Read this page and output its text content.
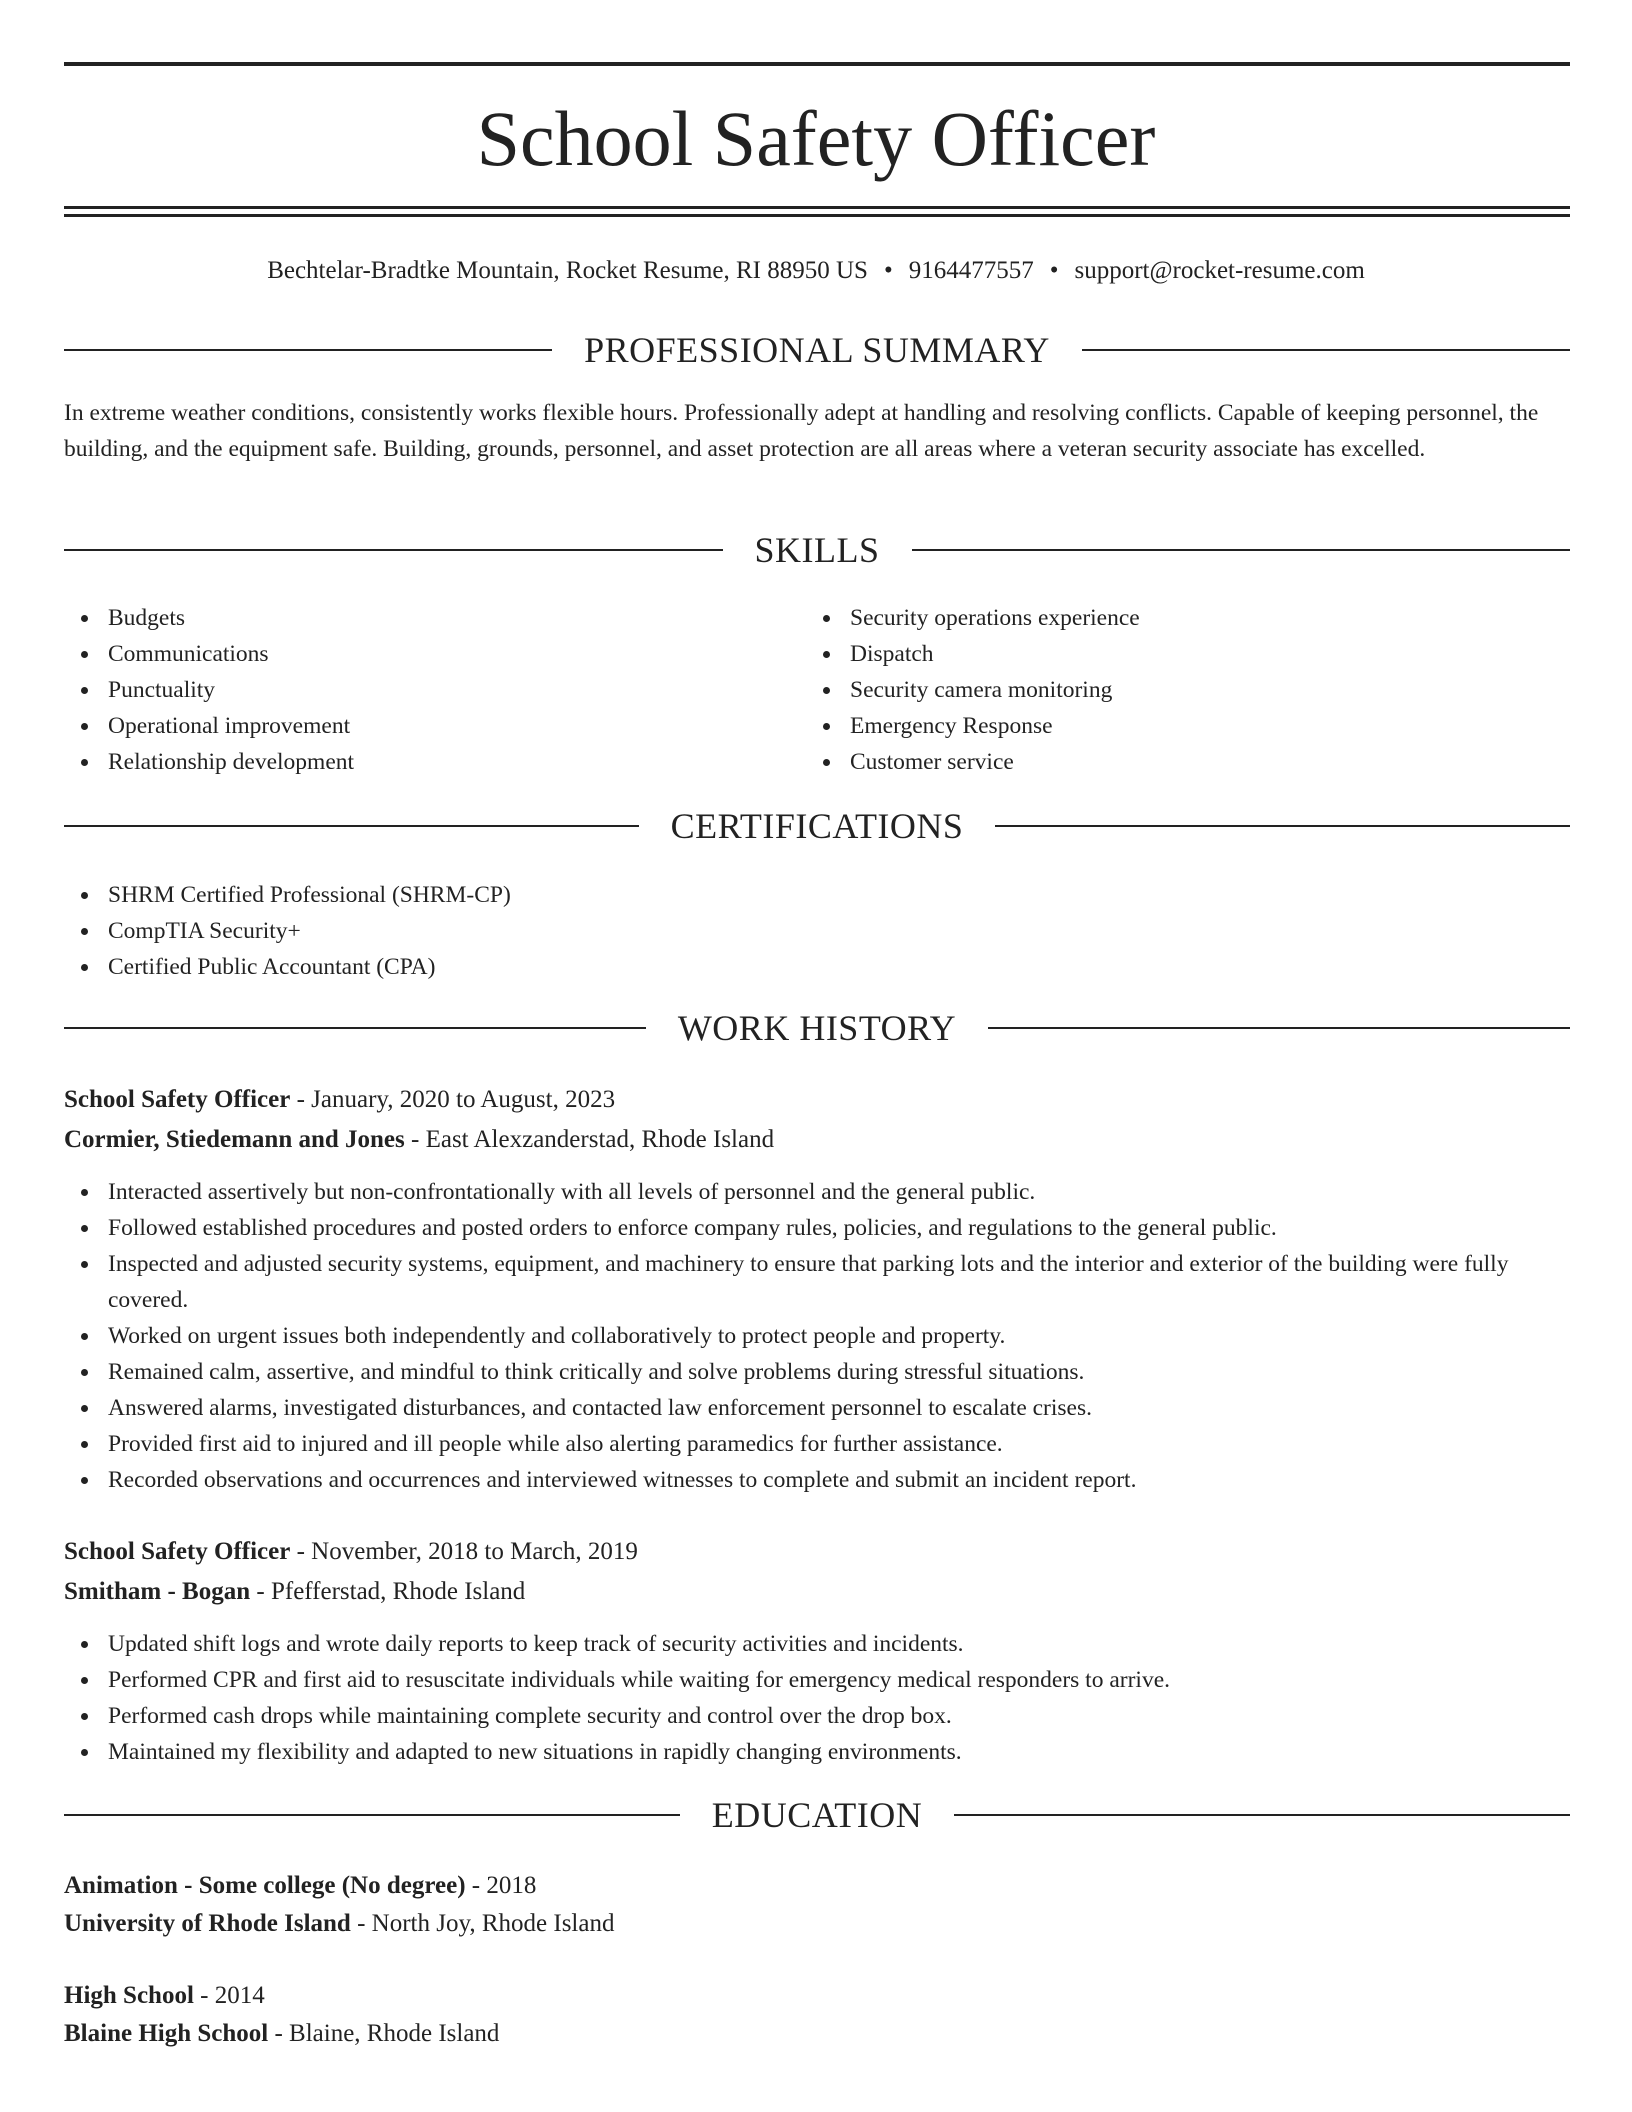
School Safety Officer
Bechtelar-Bradtke Mountain, Rocket Resume, RI 88950 US • 9164477557 • support@rocket-resume.com
PROFESSIONAL SUMMARY
In extreme weather conditions, consistently works flexible hours. Professionally adept at handling and resolving conflicts. Capable of keeping personnel, the building, and the equipment safe. Building, grounds, personnel, and asset protection are all areas where a veteran security associate has excelled.
SKILLS
Budgets
Communications
Punctuality
Operational improvement
Relationship development
Security operations experience
Dispatch
Security camera monitoring
Emergency Response
Customer service
CERTIFICATIONS
SHRM Certified Professional (SHRM-CP)
CompTIA Security+
Certified Public Accountant (CPA)
WORK HISTORY
School Safety Officer - January, 2020 to August, 2023
Cormier, Stiedemann and Jones - East Alexzanderstad, Rhode Island
Interacted assertively but non-confrontationally with all levels of personnel and the general public.
Followed established procedures and posted orders to enforce company rules, policies, and regulations to the general public.
Inspected and adjusted security systems, equipment, and machinery to ensure that parking lots and the interior and exterior of the building were fully covered.
Worked on urgent issues both independently and collaboratively to protect people and property.
Remained calm, assertive, and mindful to think critically and solve problems during stressful situations.
Answered alarms, investigated disturbances, and contacted law enforcement personnel to escalate crises.
Provided first aid to injured and ill people while also alerting paramedics for further assistance.
Recorded observations and occurrences and interviewed witnesses to complete and submit an incident report.
School Safety Officer - November, 2018 to March, 2019
Smitham - Bogan - Pfefferstad, Rhode Island
Updated shift logs and wrote daily reports to keep track of security activities and incidents.
Performed CPR and first aid to resuscitate individuals while waiting for emergency medical responders to arrive.
Performed cash drops while maintaining complete security and control over the drop box.
Maintained my flexibility and adapted to new situations in rapidly changing environments.
EDUCATION
Animation - Some college (No degree) - 2018
University of Rhode Island - North Joy, Rhode Island
High School - 2014
Blaine High School - Blaine, Rhode Island
